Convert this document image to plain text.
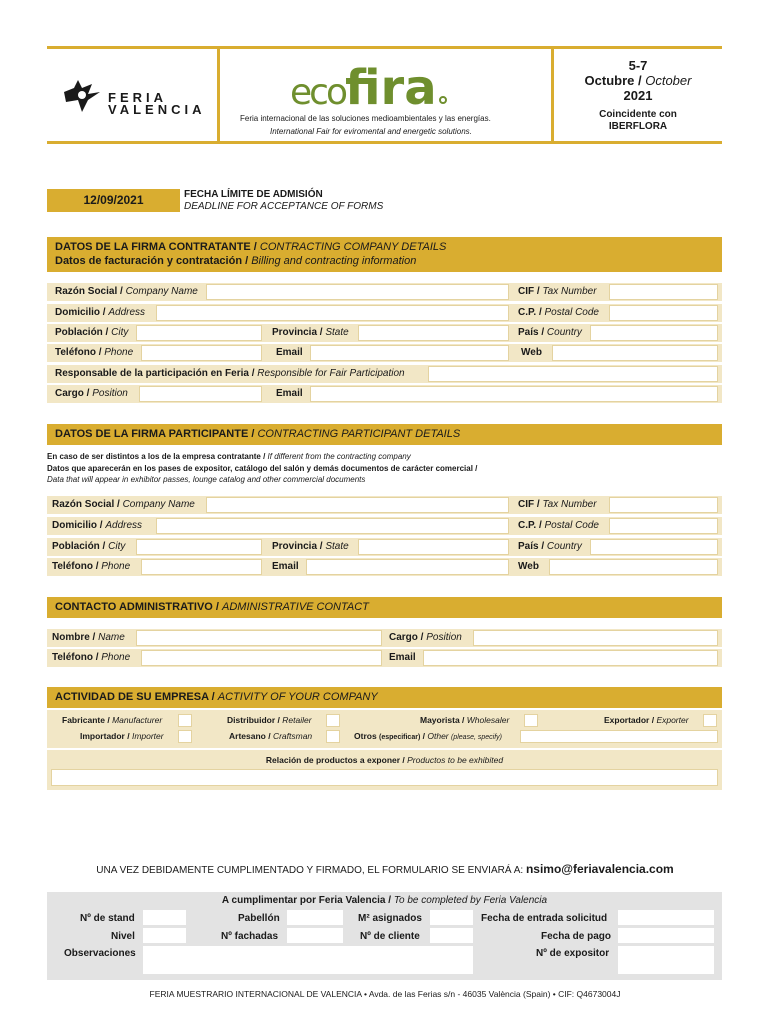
FERIA
VALENCIA ecofira
Feria internacional de las soluciones medioambientales y las energías.
International Fair for eviromental and energetic solutions.
5-7
Octubre / October
2021
Coincidente con
IBERFLORA
12/09/2021	FECHA LÍMITE DE ADMISIÓN
DEADLINE FOR ACCEPTANCE OF FORMS
DATOS DE LA FIRMA CONTRATANTE / CONTRACTING COMPANY DETAILS
Datos de facturación y contratación / Billing and contracting information
Razón Social / Company Name	CIF / Tax Number
Domicilio / Address	C.P. / Postal Code
Población / City	Provincia / State	País / Country
Teléfono / Phone	Email	Web
Responsable de la participación en Feria / Responsible for Fair Participation
Cargo / Position	Email
DATOS DE LA FIRMA PARTICIPANTE / CONTRACTING PARTICIPANT DETAILS
En caso de ser distintos a los de la empresa contratante / If different from the contracting company
Datos que aparecerán en los pases de expositor, catálogo del salón y demás documentos de carácter comercial /
Data that will appear in exhibitor passes, lounge catalog and other commercial documents
Razón Social / Company Name	CIF / Tax Number
Domicilio / Address	C.P. / Postal Code
Población / City	Provincia / State	País / Country
Teléfono / Phone	Email	Web
CONTACTO ADMINISTRATIVO / ADMINISTRATIVE CONTACT
Nombre / Name	Cargo / Position
Teléfono / Phone	Email
ACTIVIDAD DE SU EMPRESA / ACTIVITY OF YOUR COMPANY
Fabricante / Manufacturer	Distribuidor / Retailer	Mayorista / Wholesaler	Exportador / Exporter
Importador / Importer	Artesano / Craftsman	Otros (especificar) / Other (please, specify)
Relación de productos a exponer / Productos to be exhibited
UNA VEZ DEBIDAMENTE CUMPLIMENTADO Y FIRMADO, EL FORMULARIO SE ENVIARÁ A: nsimo@feriavalencia.com
A cumplimentar por Feria Valencia / To be completed by Feria Valencia
Nº de stand	Pabellón	M² asignados	Fecha de entrada solicitud
Nivel	Nº fachadas	Nº de cliente	Fecha de pago
Observaciones	Nº de expositor
FERIA MUESTRARIO INTERNACIONAL DE VALENCIA • Avda. de las Ferias s/n - 46035 València (Spain) • CIF: Q4673004J
